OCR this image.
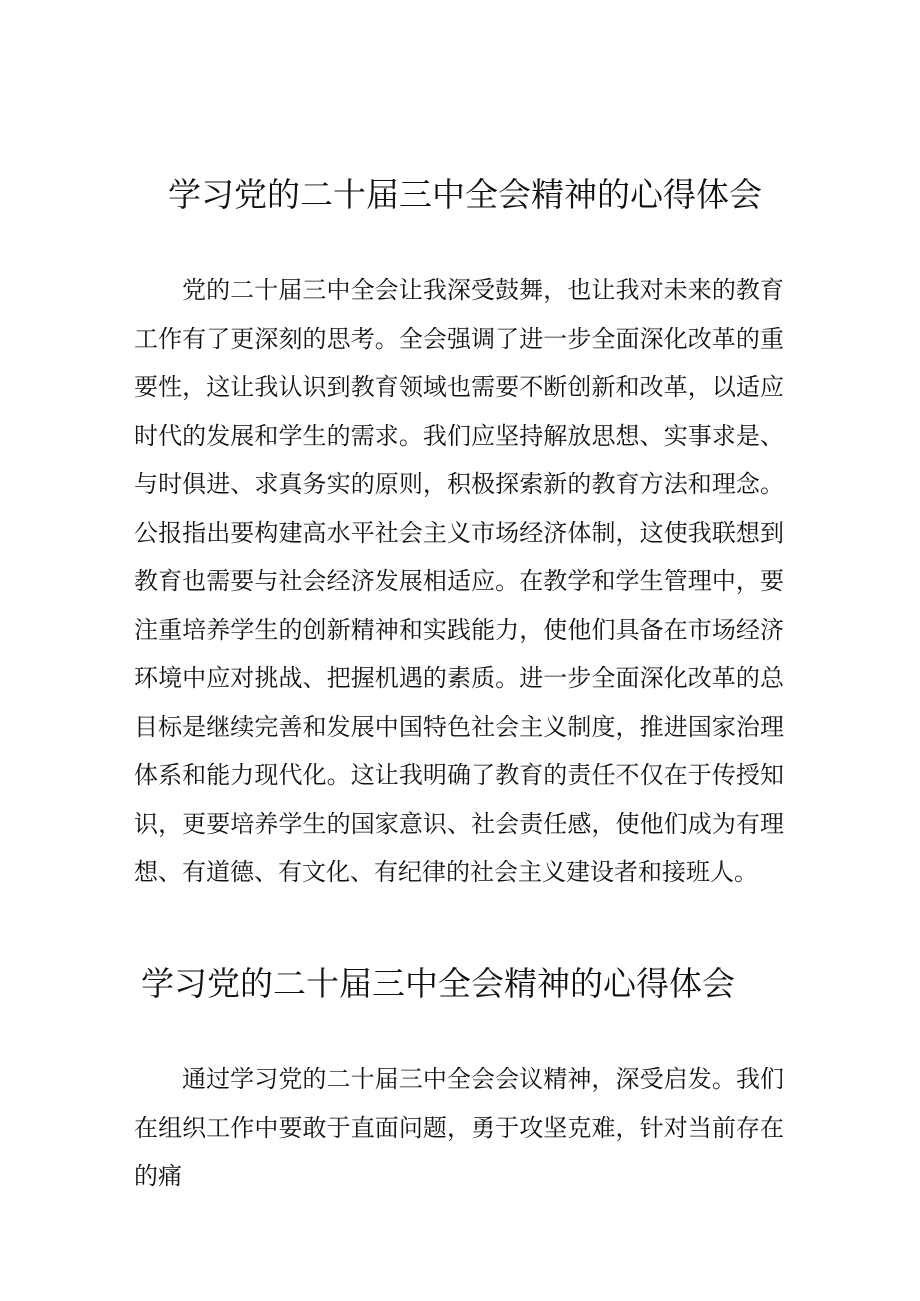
学习党的二十届三中全会精神的心得体会

党的二十届三中全会让我深受鼓舞，也让我对未来的教育工作有了更深刻的思考。全会强调了进一步全面深化改革的重要性，这让我认识到教育领域也需要不断创新和改革，以适应时代的发展和学生的需求。我们应坚持解放思想、实事求是、与时俱进、求真务实的原则，积极探索新的教育方法和理念。公报指出要构建高水平社会主义市场经济体制，这使我联想到教育也需要与社会经济发展相适应。在教学和学生管理中，要注重培养学生的创新精神和实践能力，使他们具备在市场经济环境中应对挑战、把握机遇的素质。进一步全面深化改革的总目标是继续完善和发展中国特色社会主义制度，推进国家治理体系和能力现代化。这让我明确了教育的责任不仅在于传授知识，更要培养学生的国家意识、社会责任感，使他们成为有理想、有道德、有文化、有纪律的社会主义建设者和接班人。

学习党的二十届三中全会精神的心得体会

通过学习党的二十届三中全会会议精神，深受启发。我们在组织工作中要敢于直面问题，勇于攻坚克难，针对当前存在的痛
